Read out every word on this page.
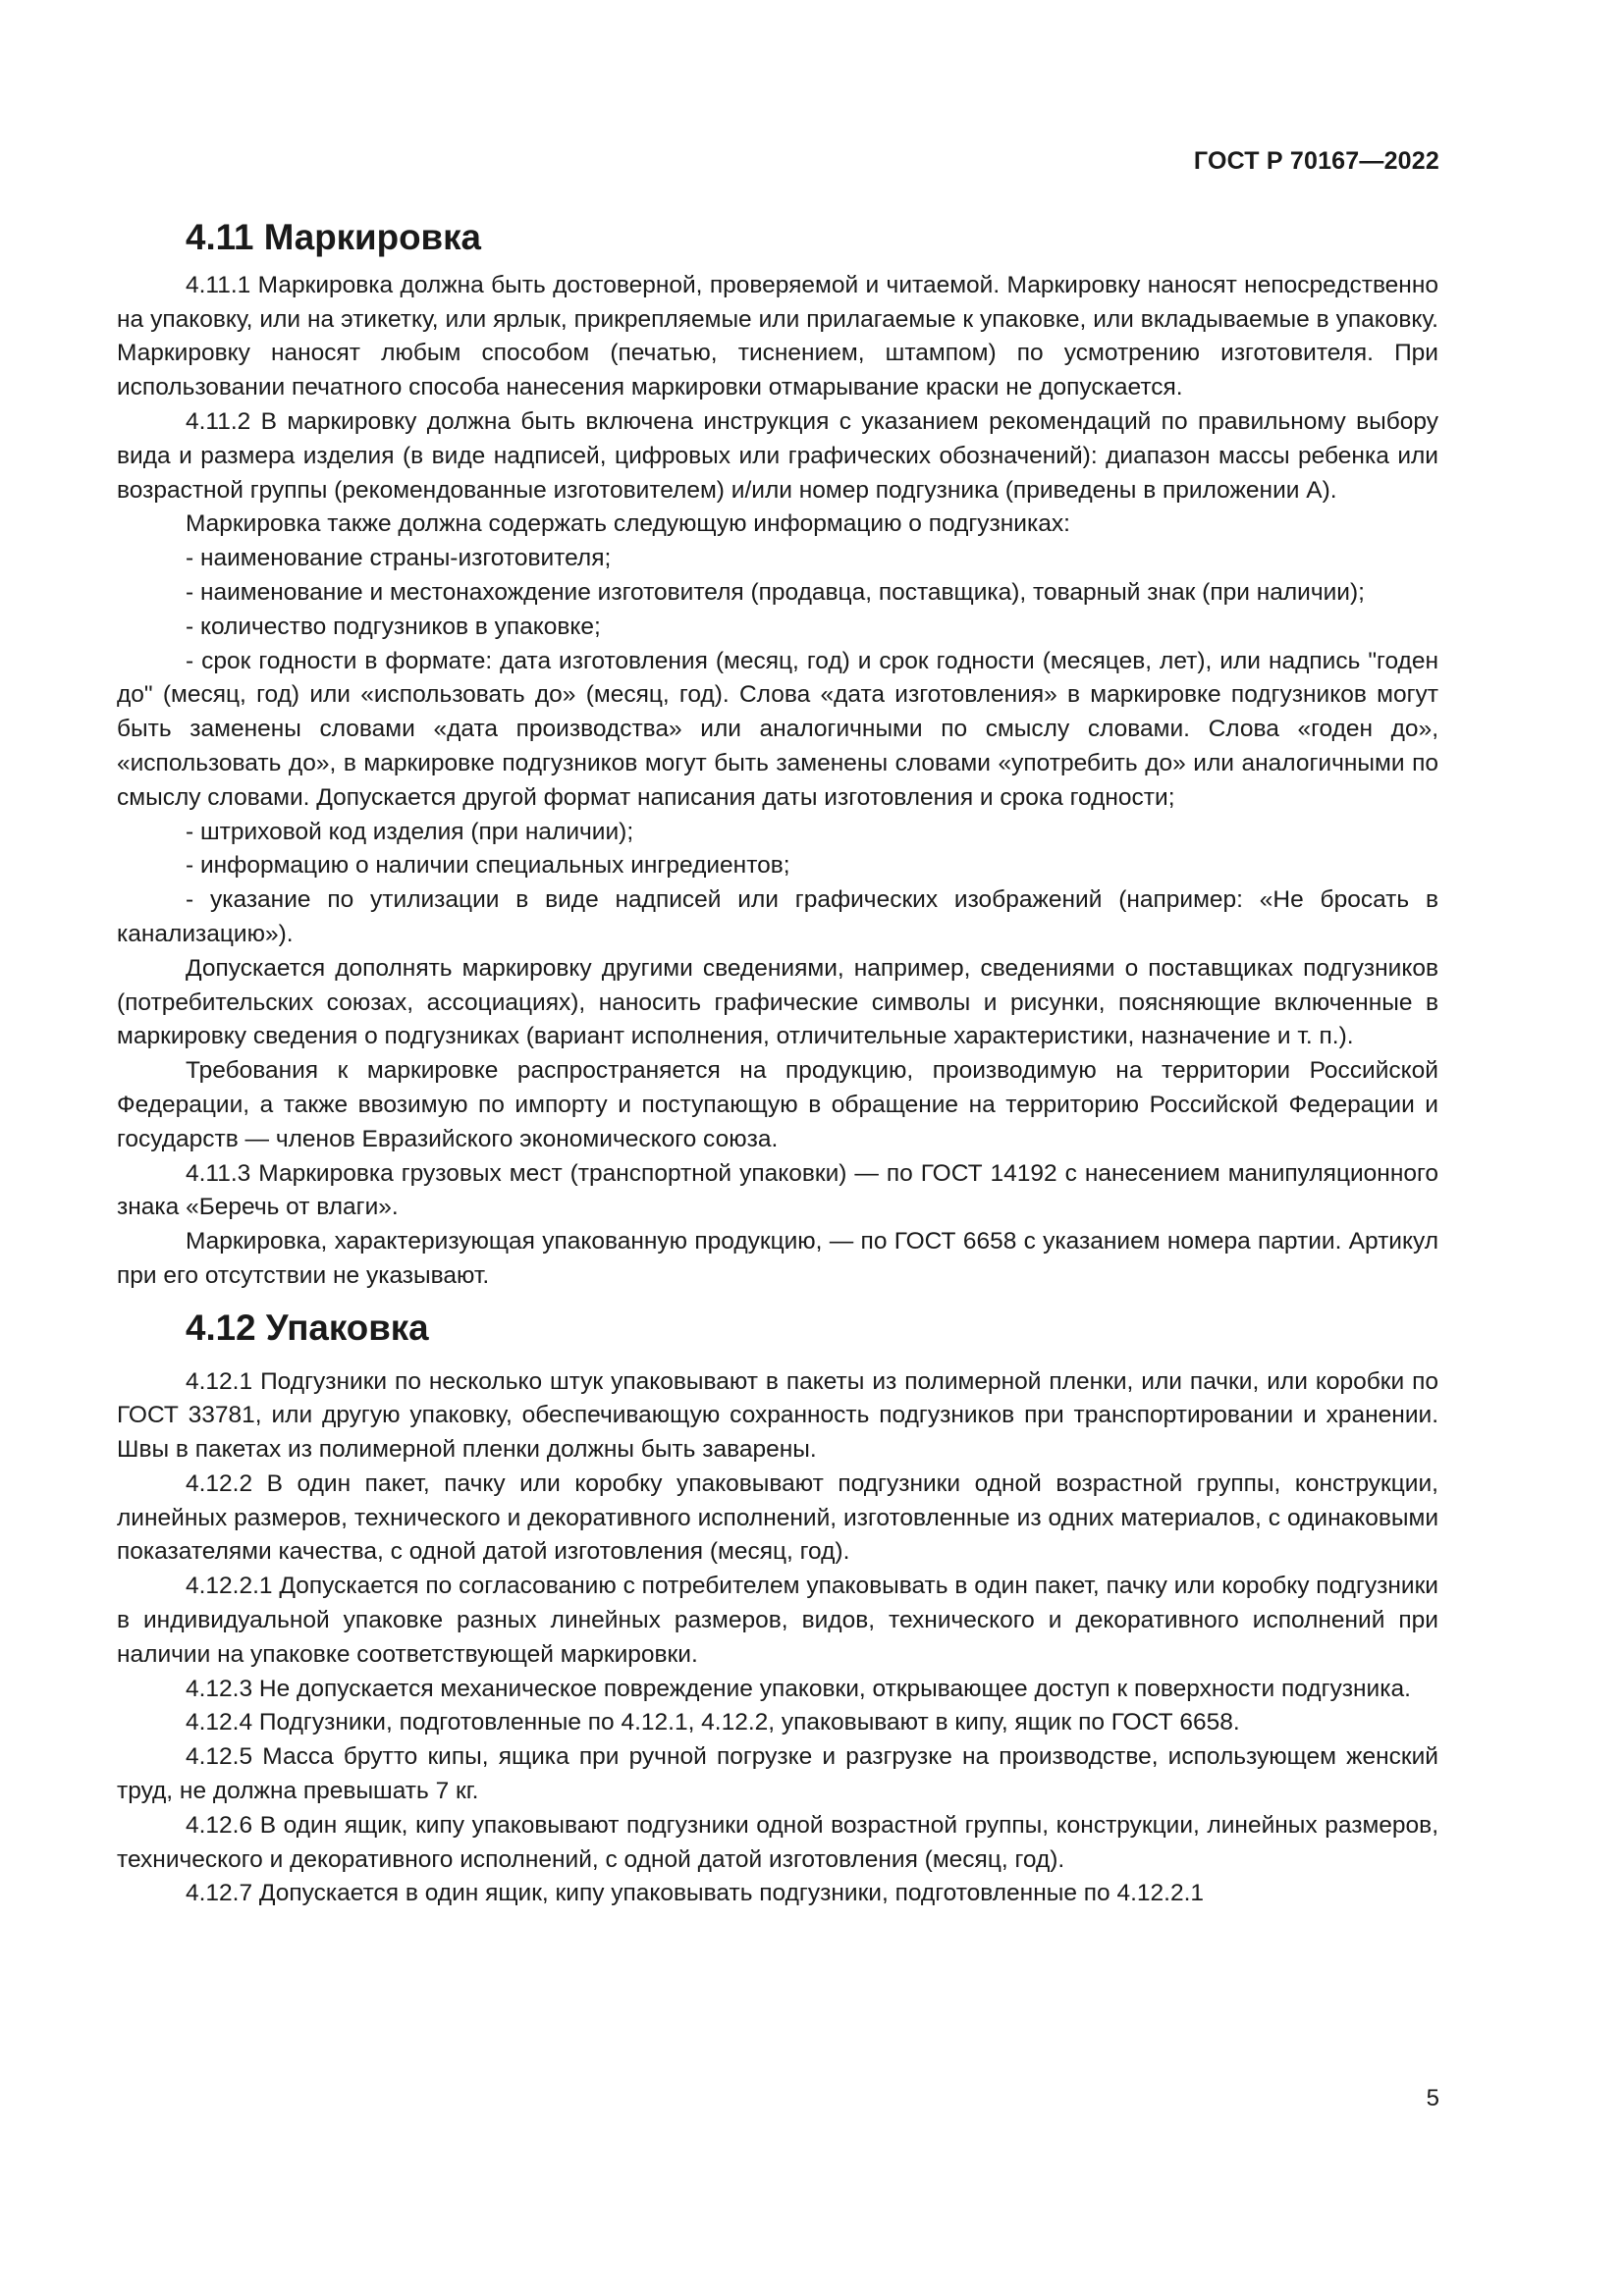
ГОСТ Р 70167—2022
4.11 Маркировка

4.11.1 Маркировка должна быть достоверной, проверяемой и читаемой. Маркировку наносят непосредственно на упаковку, или на этикетку, или ярлык, прикрепляемые или прилагаемые к упаковке, или вкладываемые в упаковку. Маркировку наносят любым способом (печатью, тиснением, штампом) по усмотрению изготовителя. При использовании печатного способа нанесения маркировки отмарывание краски не допускается.

4.11.2 В маркировку должна быть включена инструкция с указанием рекомендаций по правильному выбору вида и размера изделия (в виде надписей, цифровых или графических обозначений): диапазон массы ребенка или возрастной группы (рекомендованные изготовителем) и/или номер подгузника (приведены в приложении А).

Маркировка также должна содержать следующую информацию о подгузниках:

- наименование страны-изготовителя;

- наименование и местонахождение изготовителя (продавца, поставщика), товарный знак (при наличии);

- количество подгузников в упаковке;

- срок годности в формате: дата изготовления (месяц, год) и срок годности (месяцев, лет), или надпись "годен до" (месяц, год) или «использовать до» (месяц, год). Слова «дата изготовления» в маркировке подгузников могут быть заменены словами «дата производства» или аналогичными по смыслу словами. Слова «годен до», «использовать до», в маркировке подгузников могут быть заменены словами «употребить до» или аналогичными по смыслу словами. Допускается другой формат написания даты изготовления и срока годности;

- штриховой код изделия (при наличии);

- информацию о наличии специальных ингредиентов;

- указание по утилизации в виде надписей или графических изображений (например: «Не бросать в канализацию»).

Допускается дополнять маркировку другими сведениями, например, сведениями о поставщиках подгузников (потребительских союзах, ассоциациях), наносить графические символы и рисунки, поясняющие включенные в маркировку сведения о подгузниках (вариант исполнения, отличительные характеристики, назначение и т. п.).

Требования к маркировке распространяется на продукцию, производимую на территории Российской Федерации, а также ввозимую по импорту и поступающую в обращение на территорию Российской Федерации и государств — членов Евразийского экономического союза.

4.11.3 Маркировка грузовых мест (транспортной упаковки) — по ГОСТ 14192 с нанесением манипуляционного знака «Беречь от влаги».

Маркировка, характеризующая упакованную продукцию, — по ГОСТ 6658 с указанием номера партии. Артикул при его отсутствии не указывают.

4.12 Упаковка

4.12.1 Подгузники по несколько штук упаковывают в пакеты из полимерной пленки, или пачки, или коробки по ГОСТ 33781, или другую упаковку, обеспечивающую сохранность подгузников при транспортировании и хранении. Швы в пакетах из полимерной пленки должны быть заварены.

4.12.2 В один пакет, пачку или коробку упаковывают подгузники одной возрастной группы, конструкции, линейных размеров, технического и декоративного исполнений, изготовленные из одних материалов, с одинаковыми показателями качества, с одной датой изготовления (месяц, год).

4.12.2.1 Допускается по согласованию с потребителем упаковывать в один пакет, пачку или коробку подгузники в индивидуальной упаковке разных линейных размеров, видов, технического и декоративного исполнений при наличии на упаковке соответствующей маркировки.

4.12.3 Не допускается механическое повреждение упаковки, открывающее доступ к поверхности подгузника.

4.12.4 Подгузники, подготовленные по 4.12.1, 4.12.2, упаковывают в кипу, ящик по ГОСТ 6658.

4.12.5 Масса брутто кипы, ящика при ручной погрузке и разгрузке на производстве, использующем женский труд, не должна превышать 7 кг.

4.12.6 В один ящик, кипу упаковывают подгузники одной возрастной группы, конструкции, линейных размеров, технического и декоративного исполнений, с одной датой изготовления (месяц, год).

4.12.7 Допускается в один ящик, кипу упаковывать подгузники, подготовленные по 4.12.2.1

5
